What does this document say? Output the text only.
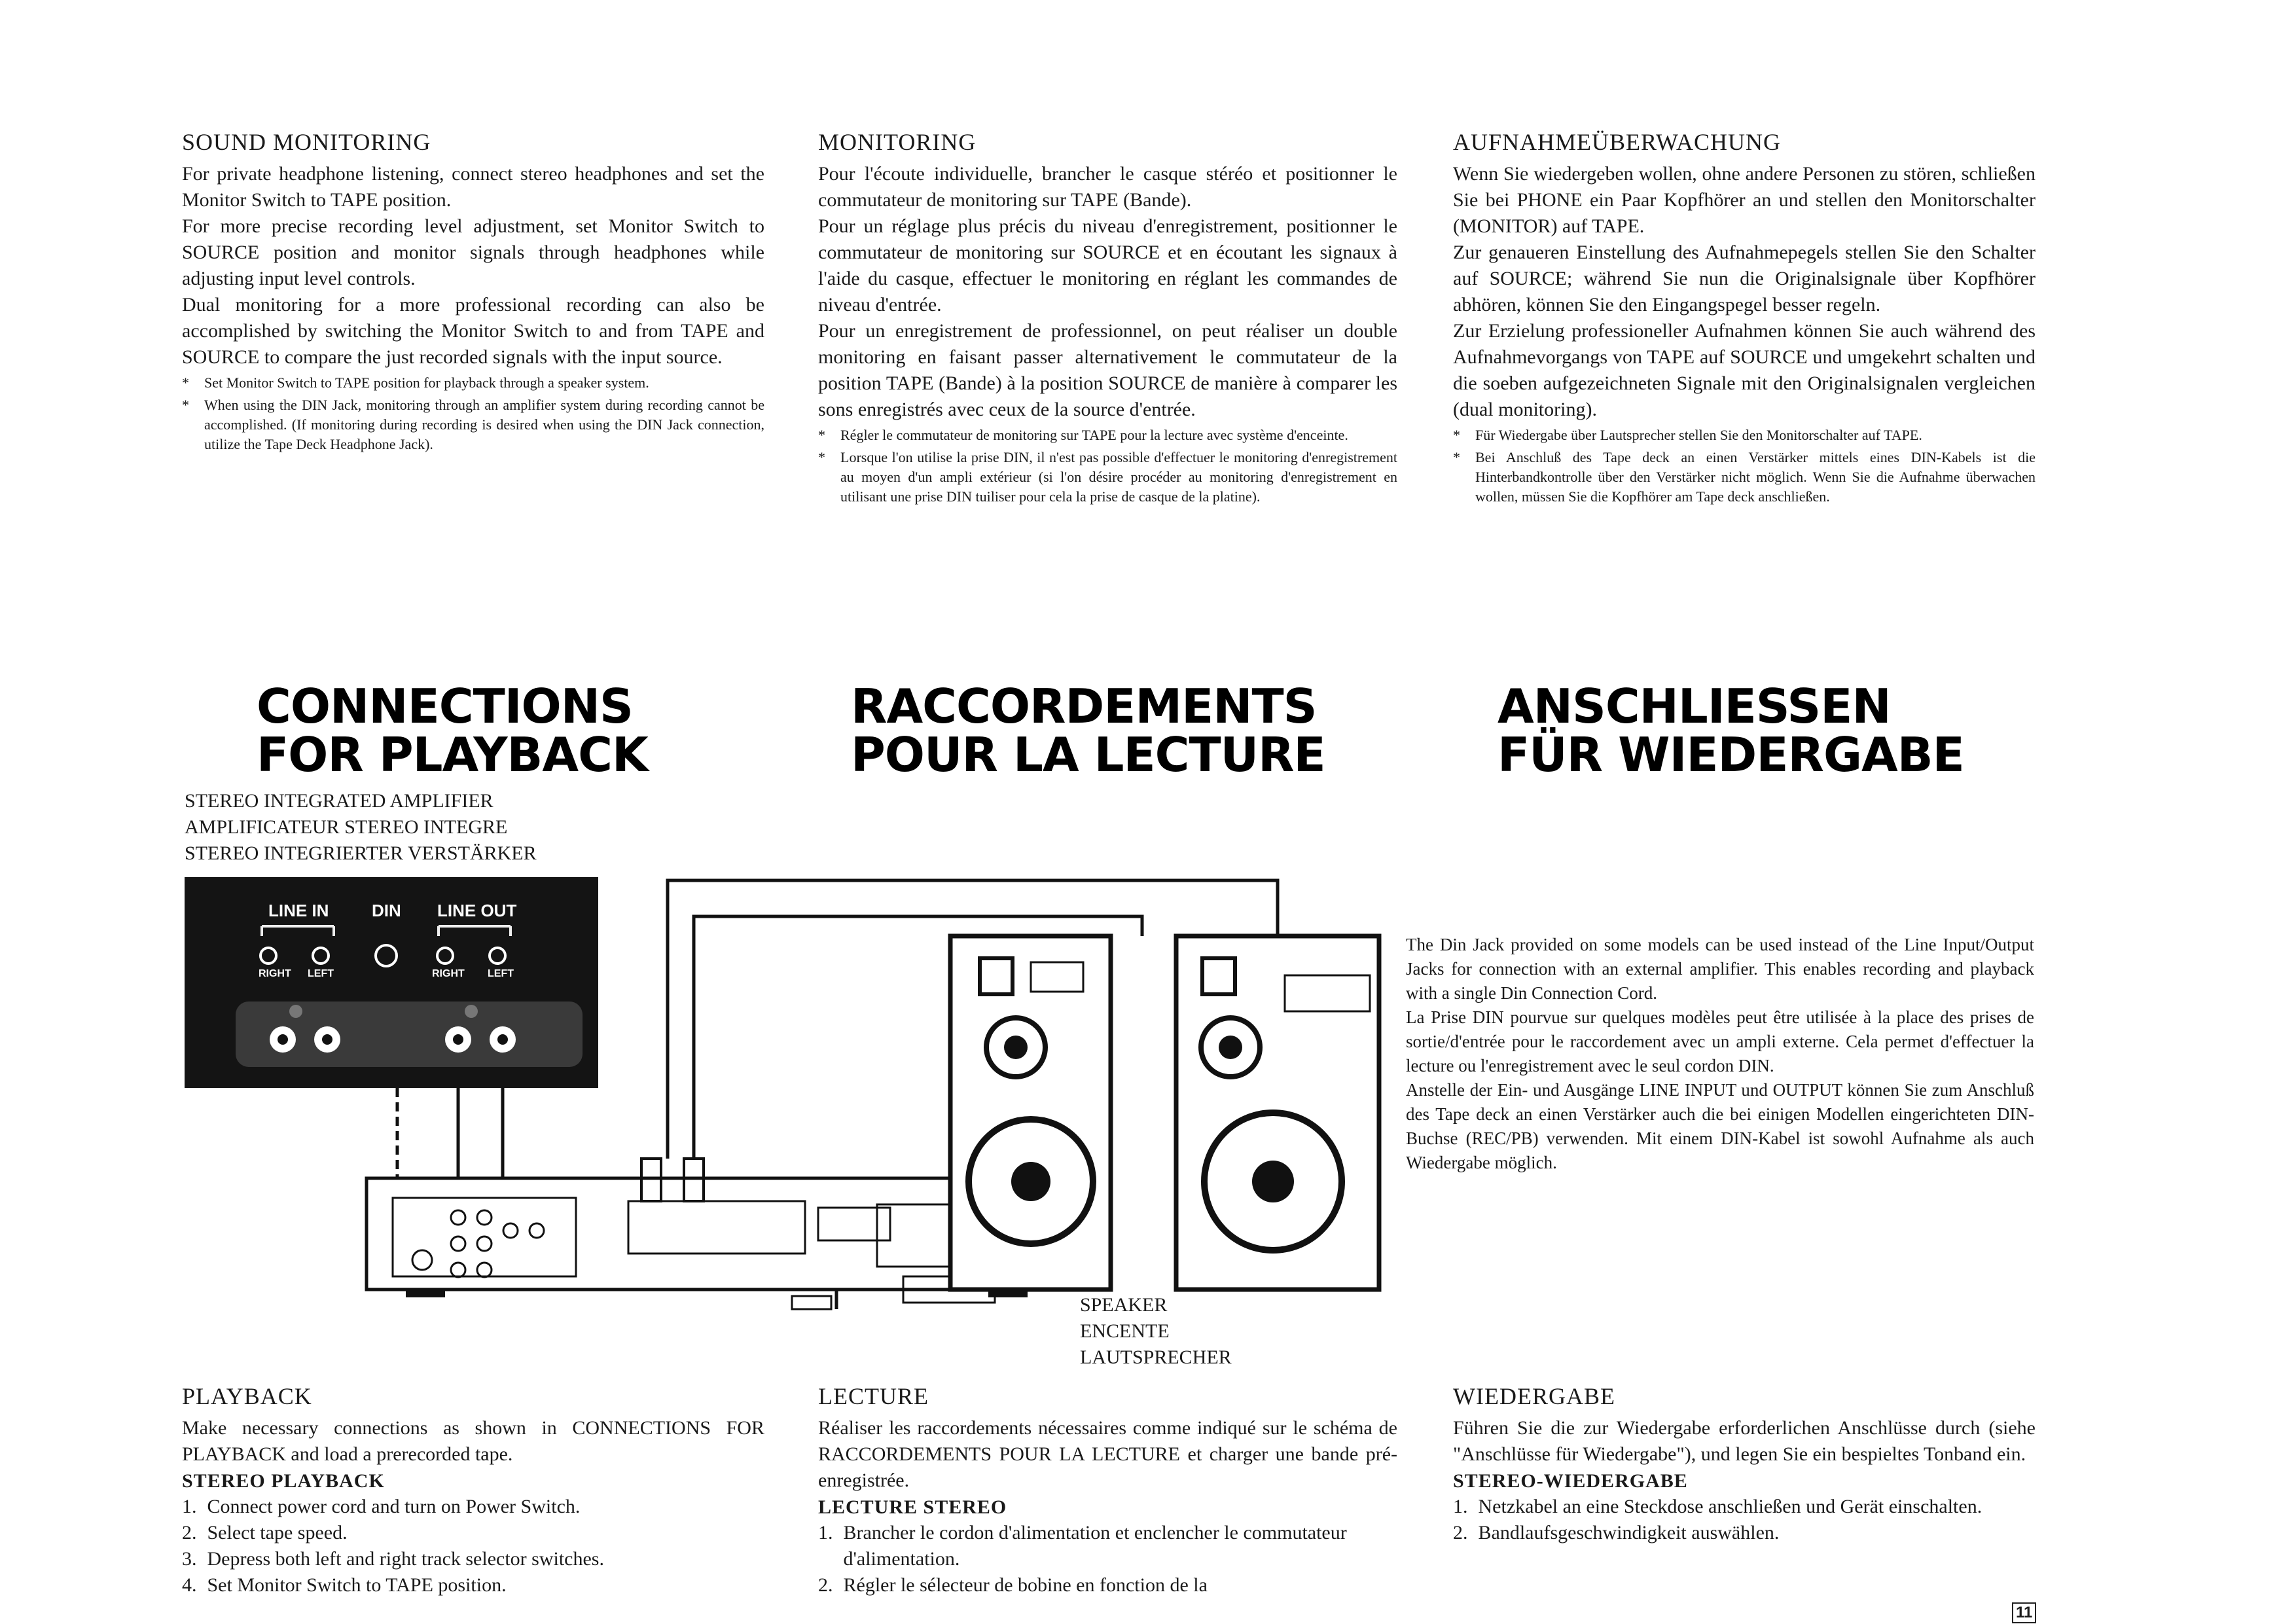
SOUND MONITORING

For private headphone listening, connect stereo headphones and set the Monitor Switch to TAPE position.

For more precise recording level adjustment, set Monitor Switch to SOURCE position and monitor signals through headphones while adjusting input level controls.

Dual monitoring for a more professional recording can also be accomplished by switching the Monitor Switch to and from TAPE and SOURCE to compare the just recorded signals with the input source.

*	Set Monitor Switch to TAPE position for playback through a speaker system.
*	When using the DIN Jack, monitoring through an amplifier system during recording cannot be accomplished. (If monitoring during recording is desired when using the DIN Jack connection, utilize the Tape Deck Headphone Jack).
MONITORING

Pour l'écoute individuelle, brancher le casque stéréo et positionner le commutateur de monitoring sur TAPE (Bande).

Pour un réglage plus précis du niveau d'enregistrement, positionner le commutateur de monitoring sur SOURCE et en écoutant les signaux à l'aide du casque, effectuer le monitoring en réglant les commandes de niveau d'entrée.

Pour un enregistrement de professionnel, on peut réaliser un double monitoring en faisant passer alternativement le commutateur de la position TAPE (Bande) à la position SOURCE de manière à comparer les sons enregistrés avec ceux de la source d'entrée.

*	Régler le commutateur de monitoring sur TAPE pour la lecture avec système d'enceinte.
*	Lorsque l'on utilise la prise DIN, il n'est pas possible d'effectuer le monitoring d'enregistrement au moyen d'un ampli extérieur (si l'on désire procéder au monitoring d'enregistrement en utilisant une prise DIN tuiliser pour cela la prise de casque de la platine).
AUFNAHMEÜBERWACHUNG

Wenn Sie wiedergeben wollen, ohne andere Personen zu stören, schließen Sie bei PHONE ein Paar Kopfhörer an und stellen den Monitorschalter (MONITOR) auf TAPE.

Zur genaueren Einstellung des Aufnahmepegels stellen Sie den Schalter auf SOURCE; während Sie nun die Originalsignale über Kopfhörer abhören, können Sie den Eingangspegel besser regeln.

Zur Erzielung professioneller Aufnahmen können Sie auch während des Aufnahmevorgangs von TAPE auf SOURCE und umgekehrt schalten und die soeben aufgezeichneten Signale mit den Originalsignalen vergleichen (dual monitoring).

*	Für Wiedergabe über Lautsprecher stellen Sie den Monitorschalter auf TAPE.
*	Bei Anschluß des Tape deck an einen Verstärker mittels eines DIN-Kabels ist die Hinterbandkontrolle über den Verstärker nicht möglich. Wenn Sie die Aufnahme überwachen wollen, müssen Sie die Kopfhörer am Tape deck anschließen.
CONNECTIONS
FOR PLAYBACK
RACCORDEMENTS
POUR LA LECTURE
ANSCHLIESSEN
FÜR WIEDERGABE
STEREO INTEGRATED AMPLIFIER
AMPLIFICATEUR STEREO INTEGRE
STEREO INTEGRIERTER VERSTÄRKER
LINE IN	DIN LINE OUT
RIGHT LEFT	RIGHT LEFT
SPEAKER
ENCENTE
LAUTSPRECHER

The Din Jack provided on some models can be used instead of the Line Input/Output Jacks for connection with an external amplifier. This enables recording and playback with a single Din Connection Cord.

La Prise DIN pourvue sur quelques modèles peut être utilisée à la place des prises de sortie/d'entrée pour le raccordement avec un ampli externe. Cela permet d'effectuer la lecture ou l'enregistrement avec le seul cordon DIN.

Anstelle der Ein- und Ausgänge LINE INPUT und OUTPUT können Sie zum Anschluß des Tape deck an einen Verstärker auch die bei einigen Modellen eingerichteten DIN-Buchse (REC/PB) verwenden. Mit einem DIN-Kabel ist sowohl Aufnahme als auch Wiedergabe möglich.

PLAYBACK

Make necessary connections as shown in CONNECTIONS FOR PLAYBACK and load a prerecorded tape.

STEREO PLAYBACK
1. Connect power cord and turn on Power Switch.
2. Select tape speed.
3. Depress both left and right track selector switches.
4. Set Monitor Switch to TAPE position.
LECTURE

Réaliser les raccordements nécessaires comme indiqué sur le schéma de RACCORDEMENTS POUR LA LECTURE et charger une bande pré-enregistrée.

LECTURE STEREO
1. Brancher le cordon d'alimentation et enclencher le commutateur d'alimentation.
2. Régler le sélecteur de bobine en fonction de la
WIEDERGABE

Führen Sie die zur Wiedergabe erforderlichen Anschlüsse durch (siehe "Anschlüsse für Wiedergabe"), und legen Sie ein bespieltes Tonband ein.

STEREO-WIEDERGABE
1. Netzkabel an eine Steckdose anschließen und Gerät einschalten.
2. Bandlaufsgeschwindigkeit auswählen.
11
